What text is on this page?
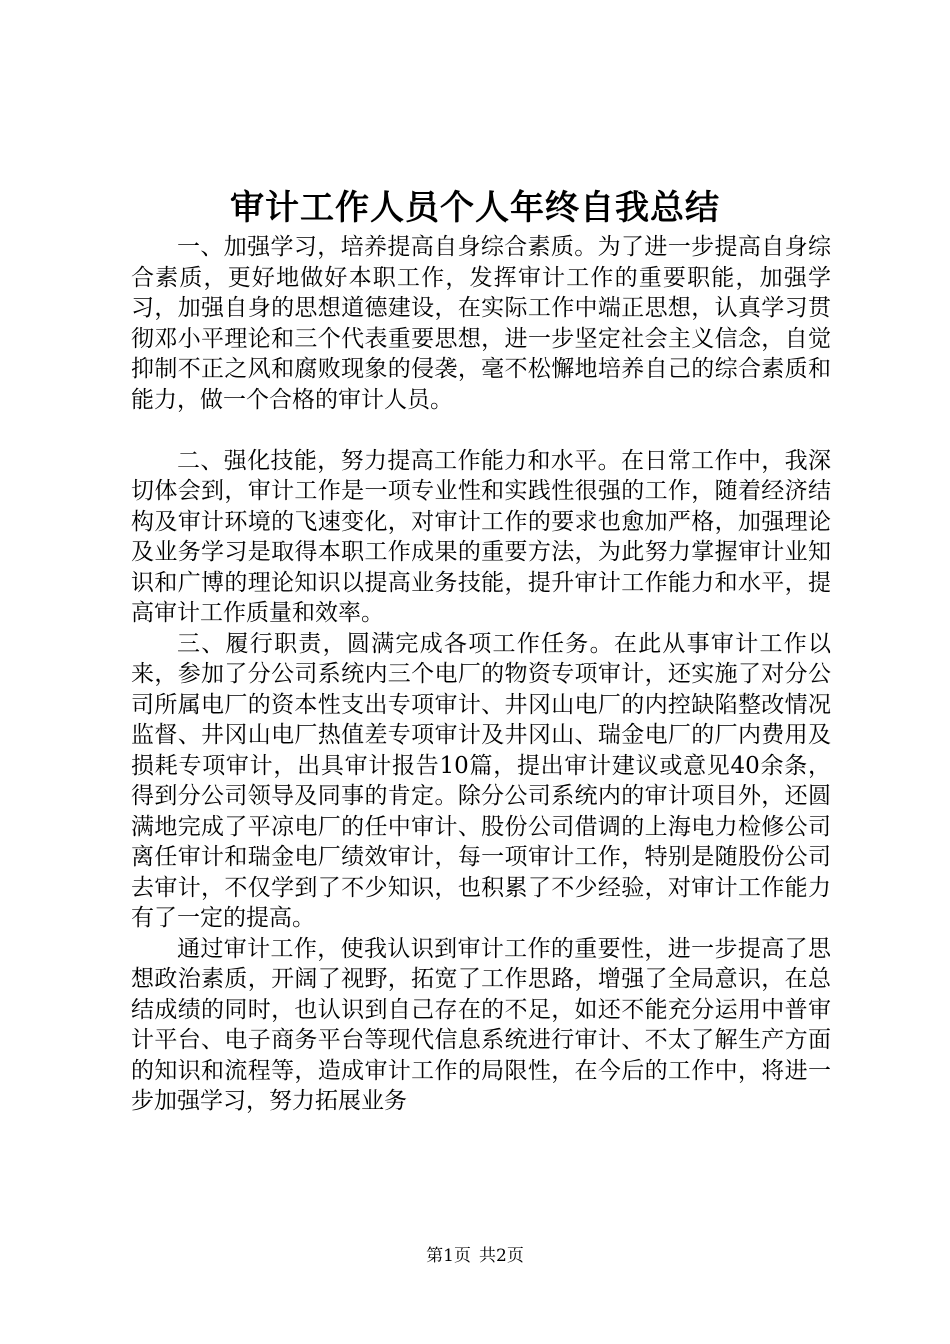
审计工作人员个人年终自我总结

一、加强学习，培养提高自身综合素质。为了进一步提高自身综合素质，更好地做好本职工作，发挥审计工作的重要职能，加强学习，加强自身的思想道德建设，在实际工作中端正思想，认真学习贯彻邓小平理论和三个代表重要思想，进一步坚定社会主义信念，自觉抑制不正之风和腐败现象的侵袭，毫不松懈地培养自己的综合素质和能力，做一个合格的审计人员。

二、强化技能，努力提高工作能力和水平。在日常工作中，我深切体会到，审计工作是一项专业性和实践性很强的工作，随着经济结构及审计环境的飞速变化，对审计工作的要求也愈加严格，加强理论及业务学习是取得本职工作成果的重要方法，为此努力掌握审计业知识和广博的理论知识以提高业务技能，提升审计工作能力和水平，提高审计工作质量和效率。

三、履行职责，圆满完成各项工作任务。在此从事审计工作以来，参加了分公司系统内三个电厂的物资专项审计，还实施了对分公司所属电厂的资本性支出专项审计、井冈山电厂的内控缺陷整改情况监督、井冈山电厂热值差专项审计及井冈山、瑞金电厂的厂内费用及损耗专项审计，出具审计报告10篇，提出审计建议或意见40余条，得到分公司领导及同事的肯定。除分公司系统内的审计项目外，还圆满地完成了平凉电厂的任中审计、股份公司借调的上海电力检修公司离任审计和瑞金电厂绩效审计，每一项审计工作，特别是随股份公司去审计，不仅学到了不少知识，也积累了不少经验，对审计工作能力有了一定的提高。

通过审计工作，使我认识到审计工作的重要性，进一步提高了思想政治素质，开阔了视野，拓宽了工作思路，增强了全局意识，在总结成绩的同时，也认识到自己存在的不足，如还不能充分运用中普审计平台、电子商务平台等现代信息系统进行审计、不太了解生产方面的知识和流程等，造成审计工作的局限性，在今后的工作中，将进一步加强学习，努力拓展业务

第1页 共2页
